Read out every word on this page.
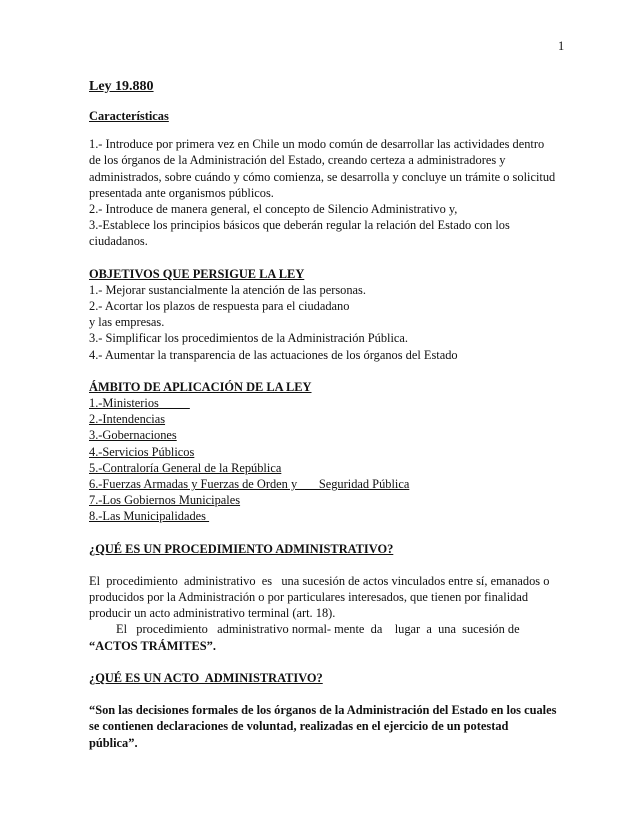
1
Ley 19.880
Características

1.- Introduce por primera vez en Chile un modo común de desarrollar las actividades dentro

de los órganos de la Administración del Estado, creando certeza a administradores y

administrados, sobre cuándo y cómo comienza, se desarrolla y concluye un trámite o solicitud

presentada ante organismos públicos.

2.- Introduce de manera general, el concepto de Silencio Administrativo y,

3.-Establece los principios básicos que deberán regular la relación del Estado con los

ciudadanos.

OBJETIVOS QUE PERSIGUE LA LEY

1.- Mejorar sustancialmente la atención de las personas.

2.- Acortar los plazos de respuesta para el ciudadano

y las empresas.

3.- Simplificar los procedimientos de la Administración Pública.

4.- Aumentar la transparencia de las actuaciones de los órganos del Estado

ÁMBITO DE APLICACIÓN DE LA LEY

1.-Ministerios

2.-Intendencias

3.-Gobernaciones

4.-Servicios Públicos

5.-Contraloría General de la República

6.-Fuerzas Armadas y Fuerzas de Orden y       Seguridad Pública

7.-Los Gobiernos Municipales

8.-Las Municipalidades

¿QUÉ ES UN PROCEDIMIENTO ADMINISTRATIVO?

El  procedimiento  administrativo  es   una sucesión de actos vinculados entre sí, emanados o

producidos por la Administración o por particulares interesados, que tienen por finalidad

producir un acto administrativo terminal (art. 18).

El   procedimiento   administrativo normal- mente  da    lugar  a  una  sucesión de

“ACTOS TRÁMITES”.

¿QUÉ ES UN ACTO  ADMINISTRATIVO?

“Son las decisiones formales de los órganos de la Administración del Estado en los cuales

se contienen declaraciones de voluntad, realizadas en el ejercicio de un potestad

pública”.
